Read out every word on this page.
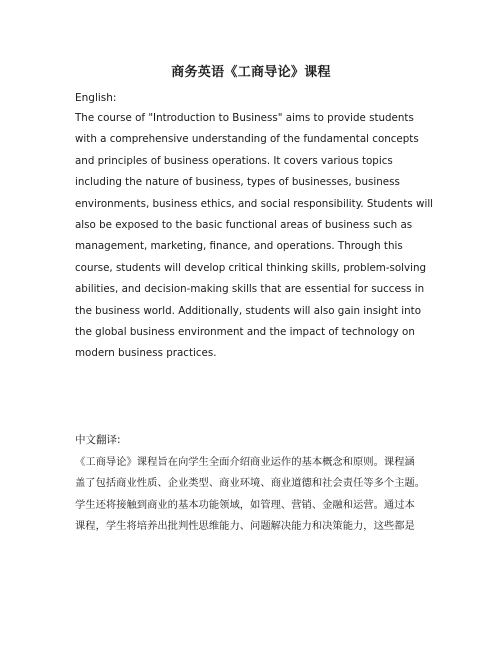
商务英语《工商导论》课程
English:
The course of "Introduction to Business" aims to provide students
with a comprehensive understanding of the fundamental concepts
and principles of business operations. It covers various topics
including the nature of business, types of businesses, business
environments, business ethics, and social responsibility. Students will
also be exposed to the basic functional areas of business such as
management, marketing, finance, and operations. Through this
course, students will develop critical thinking skills, problem-solving
abilities, and decision-making skills that are essential for success in
the business world. Additionally, students will also gain insight into
the global business environment and the impact of technology on
modern business practices.
中文翻译:
《工商导论》课程旨在向学生全面介绍商业运作的基本概念和原则。课程涵
盖了包括商业性质、企业类型、商业环境、商业道德和社会责任等多个主题。
学生还将接触到商业的基本功能领域，如管理、营销、金融和运营。通过本
课程，学生将培养出批判性思维能力、问题解决能力和决策能力，这些都是
